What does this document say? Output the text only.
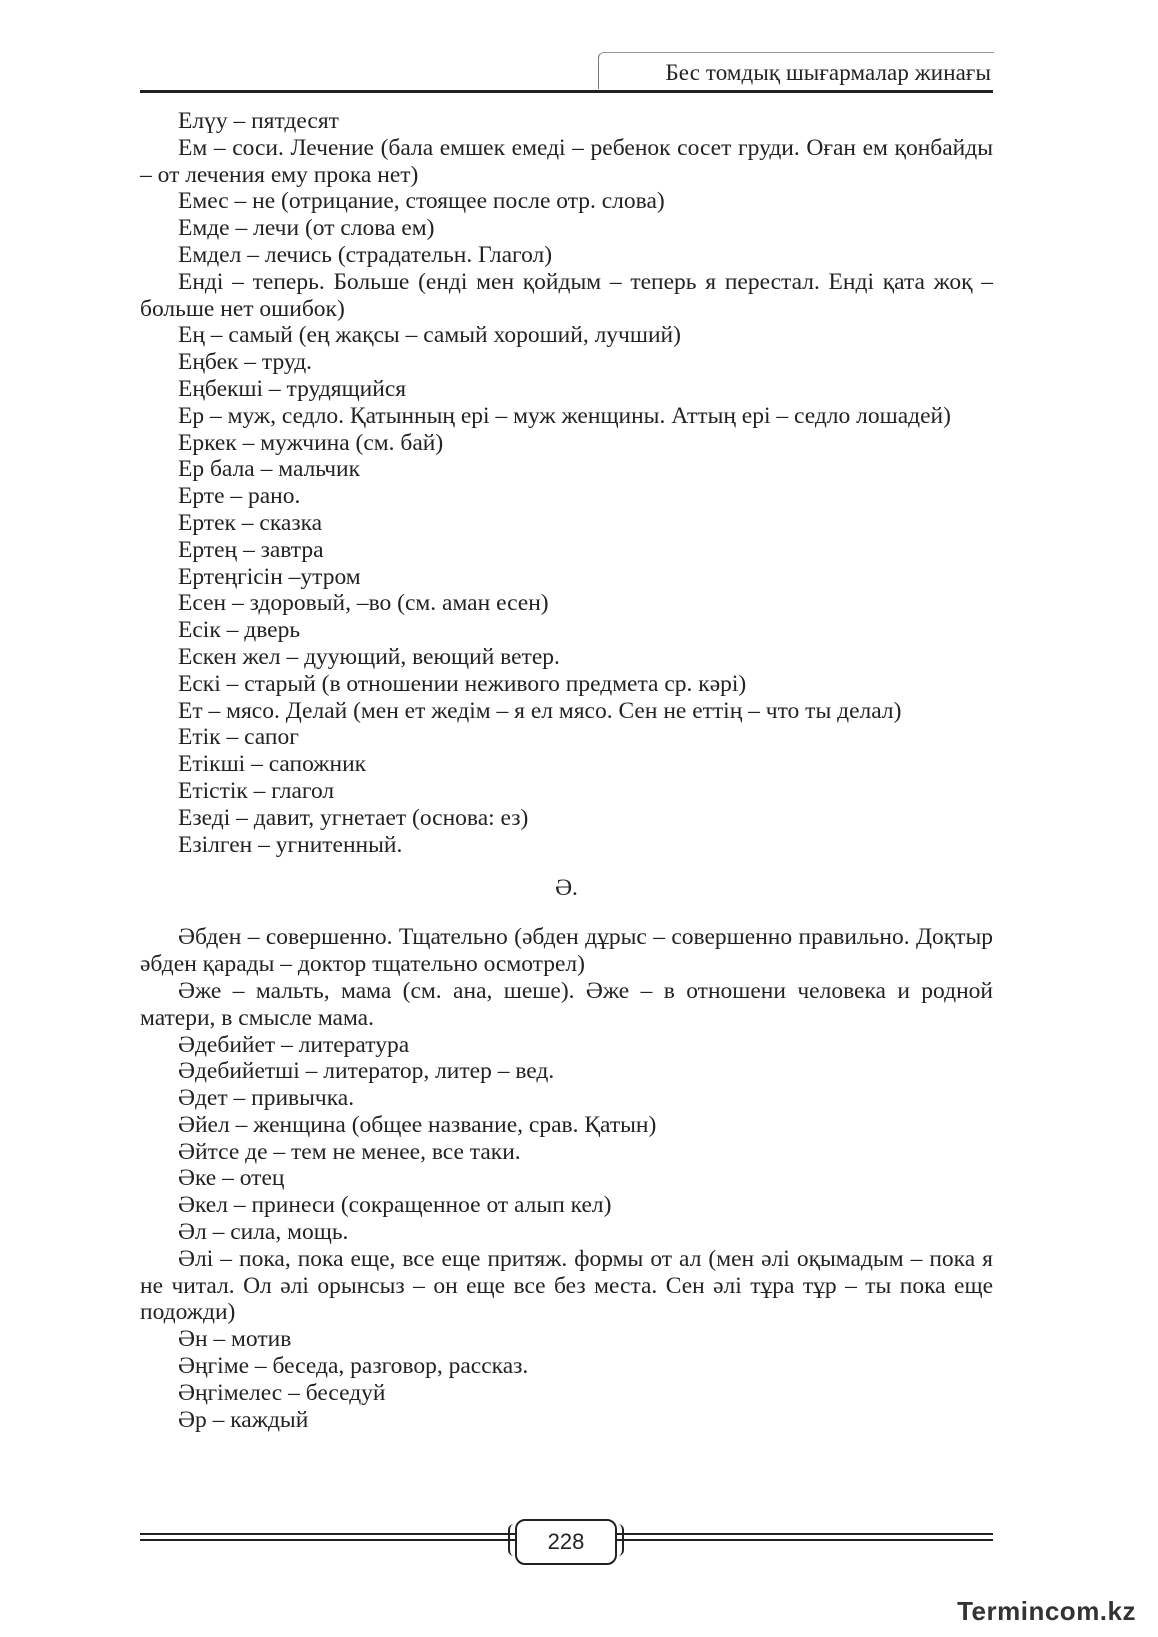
Бес томдық шығармалар жинағы

Елүу – пятдесят

Ем – соси. Лечение (бала емшек емеді – ребенок сосет груди. Оған ем қонбайды – от лечения ему прока нет)

Емес – не (отрицание, стоящее после отр. слова)

Емде – лечи (от слова ем)

Емдел – лечись (страдательн. Глагол)

Енді – теперь. Больше (енді мен қойдым – теперь я перестал. Енді қата жоқ – больше нет ошибок)

Ең – самый (ең жақсы – самый хороший, лучший)

Еңбек – труд.

Еңбекші – трудящийся

Ер – муж, седло. Қатынның ері – муж женщины. Аттың ері – седло лошадей)

Еркек – мужчина (см. бай)

Ер бала – мальчик

Ерте – рано.

Ертек – сказка

Ертең – завтра

Ертеңгісін –утром

Есен – здоровый, –во (см. аман есен)

Есік – дверь

Ескен жел – дуующий, веющий ветер.

Ескі – старый (в отношении неживого предмета ср. кәрі)

Ет – мясо. Делай (мен ет жедім – я ел мясо. Сен не еттің – что ты делал)

Етік – сапог

Етікші – сапожник

Етістік – глагол

Езеді – давит, угнетает (основа: ез)

Езілген – угнитенный.

Ә.

Әбден – совершенно. Тщательно (әбден дұрыс – совершенно правильно. Доқтыр әбден қарады – доктор тщательно осмотрел)

Әже – мальть, мама (см. ана, шеше). Әже – в отношени человека и родной матери, в смысле мама.

Әдебийет – литература

Әдебийетші – литератор, литер – вед.

Әдет – привычка.

Әйел – женщина (общее название, срав. Қатын)

Әйтсе де – тем не менее, все таки.

Әке – отец

Әкел – принеси (сокращенное от алып кел)

Әл – сила, мощь.

Әлі – пока, пока еще, все еще притяж. формы от ал (мен әлі оқымадым – пока я не читал. Ол әлі орынсыз – он еще все без места. Сен әлі тұра тұр – ты пока еще подожди)

Ән – мотив

Әңгіме – беседа, разговор, рассказ.

Әңгімелес – беседуй

Әр – каждый

228
Termincom.kz
